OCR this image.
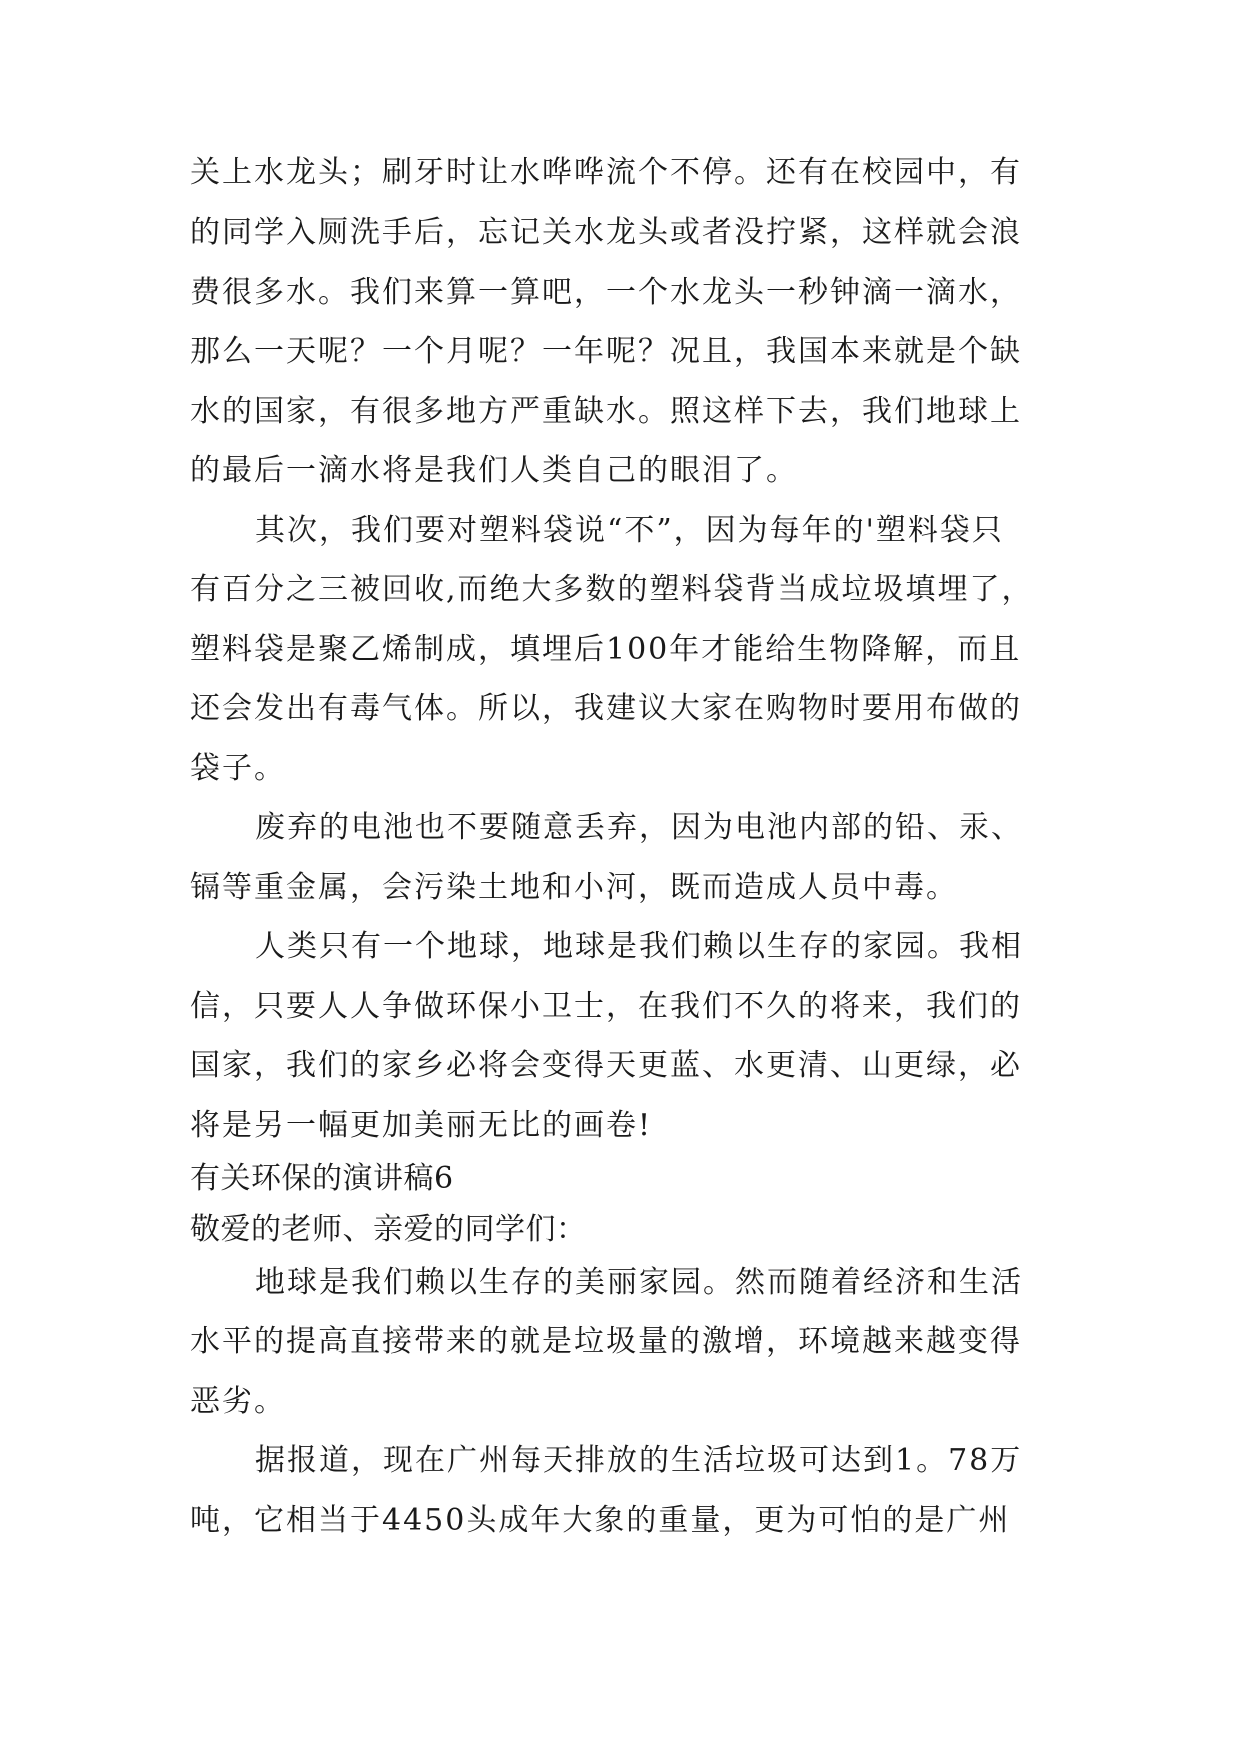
关上水龙头；刷牙时让水哗哗流个不停。还有在校园中，有
的同学入厕洗手后，忘记关水龙头或者没拧紧，这样就会浪
费很多水。我们来算一算吧，一个水龙头一秒钟滴一滴水，
那么一天呢？一个月呢？一年呢？况且，我国本来就是个缺
水的国家，有很多地方严重缺水。照这样下去，我们地球上
的最后一滴水将是我们人类自己的眼泪了。
其次，我们要对塑料袋说“不”，因为每年的'塑料袋只
有百分之三被回收,而绝大多数的塑料袋背当成垃圾填埋了，
塑料袋是聚乙烯制成，填埋后100年才能给生物降解，而且
还会发出有毒气体。所以，我建议大家在购物时要用布做的
袋子。
废弃的电池也不要随意丢弃，因为电池内部的铅、汞、
镉等重金属，会污染土地和小河，既而造成人员中毒。
人类只有一个地球，地球是我们赖以生存的家园。我相
信，只要人人争做环保小卫士，在我们不久的将来，我们的
国家，我们的家乡必将会变得天更蓝、水更清、山更绿，必
将是另一幅更加美丽无比的画卷!
有关环保的演讲稿6
敬爱的老师、亲爱的同学们：
地球是我们赖以生存的美丽家园。然而随着经济和生活
水平的提高直接带来的就是垃圾量的激增，环境越来越变得
恶劣。
据报道，现在广州每天排放的生活垃圾可达到1。78万
吨，它相当于4450头成年大象的重量，更为可怕的是广州
